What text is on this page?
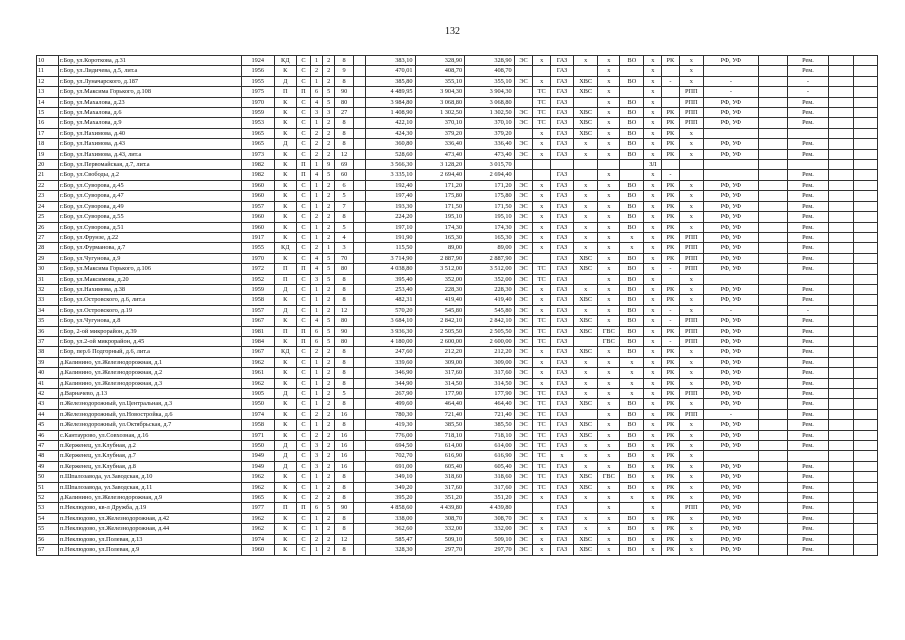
132
10	г.Бор, ул.Короткова, д.31	1924	КД	С	1	2	8		383,10	328,90	328,90	ЭС	х	ГАЗ	х	х	ВО	х	РК	х	РФ, УФ		Рем.		
11	г.Бор, ул.Лидичева, д.5, лит.а	1956	К	С	2	2	9		470,01	408,70	408,70			ГАЗ		х		х		х			Рем.		
12	г.Бор, ул.Луначарского, д.187	1955	Д	С	1	2	8		385,80	355,10	355,10	ЭС	х	ГАЗ	ХВС	х	ВО	х	-	х	-		-		
13	г.Бор, ул.Максима Горького, д.108	1975	П	П	6	5	90		4 489,95	3 904,30	3 904,30		ТС	ГАЗ	ХВС	х		х		РПП	-		-		
14	г.Бор, ул.Махалова, д.23	1970	К	С	4	5	80		3 984,80	3 068,80	3 068,80		ТС	ГАЗ		х	ВО	х		РПП	РФ, УФ		Рем.		
15	г.Бор, ул.Махалова, д.6	1959	К	С	3	3	27		1 408,90	1 302,50	1 302,50	ЭС	ТС	ГАЗ	ХВС	х	ВО	х	РК	РПП	РФ, УФ		Рем.		
16	г.Бор, ул.Махалова, д.9	1953	К	С	1	2	8		422,10	370,10	370,10	ЭС	ТС	ГАЗ	ХВС	х	ВО	х	РК	РПП	РФ, УФ		Рем.		
17	г.Бор, ул.Нахимова, д.40	1965	К	С	2	2	8		424,30	379,20	379,20		х	ГАЗ	ХВС	х	ВО	х	РК	х					
18	г.Бор, ул.Нахимова, д.43	1965	Д	С	2	2	8		360,80	336,40	336,40	ЭС	х	ГАЗ	х	х	ВО	х	РК	х	РФ, УФ		Рем.		
19	г.Бор, ул.Нахимова, д.43, лит.а	1973	К	С	2	2	12		528,60	473,40	473,40	ЭС	х	ГАЗ	х	х	ВО	х	РК	х	РФ, УФ		Рем.		
20	г.Бор, ул.Первомайская, д.7, лит.а	1982	К	П	1	9	69		3 566,30	3 128,20	3 015,70							ЗЛ							
21	г.Бор, ул.Свободы, д.2	1982	К	П	4	5	60		3 335,10	2 694,40	2 694,40			ГАЗ		х		х	-				Рем.		
22	г.Бор, ул.Суворова, д.45	1960	К	С	1	2	6		192,40	171,20	171,20	ЭС	х	ГАЗ	х	х	ВО	х	РК	х	РФ, УФ		Рем.		
23	г.Бор, ул.Суворова, д.47	1960	К	С	1	2	5		197,40	175,80	175,80	ЭС	х	ГАЗ	х	х	ВО	х	РК	х	РФ, УФ		Рем.		
24	г.Бор, ул.Суворова, д.49	1957	К	С	1	2	7		193,30	171,50	171,50	ЭС	х	ГАЗ	х	х	ВО	х	РК	х	РФ, УФ		Рем.		
25	г.Бор, ул.Суворова, д.55	1960	К	С	2	2	8		224,20	195,10	195,10	ЭС	х	ГАЗ	х	х	ВО	х	РК	х	РФ, УФ		Рем.		
26	г.Бор, ул.Суворова, д.51	1960	К	С	1	2	5		197,10	174,30	174,30	ЭС	х	ГАЗ	х	х	ВО	х	РК	х	РФ, УФ		Рем.		
27	г.Бор, ул.Фрунзе, д.22	1917	К	С	1	2	4		191,90	165,30	165,30	ЭС	х	ГАЗ	х	х	х	х	РК	РПП	РФ, УФ		Рем.		
28	г.Бор, ул.Фурманова, д.7	1955	КД	С	2	1	3		115,50	89,00	89,00	ЭС	х	ГАЗ	х	х	х	х	РК	РПП	РФ, УФ		Рем.		
29	г.Бор, ул.Чугунова, д.9	1970	К	С	4	5	70		3 714,90	2 887,90	2 887,90	ЭС		ГАЗ	ХВС	х	ВО	х	РК	РПП	РФ, УФ		Рем.		
30	г.Бор, ул.Максима Горького, д.106	1972	П	П	4	5	80		4 038,80	3 512,00	3 512,00	ЭС	ТС	ГАЗ	ХВС	х	ВО	х	-	РПП	РФ, УФ		Рем.		
31	г.Бор, ул.Максимова, д.20	1952	П	С	3	5	8		395,40	352,00	352,00	ЭС	ТС	ГАЗ		х	ВО	х		х					
32	г.Бор, ул.Нахимова, д.38	1959	Д	С	1	2	8		253,40	228,30	228,30	ЭС	х	ГАЗ	х	х	ВО	х	РК	х	РФ, УФ		Рем.		
33	г.Бор, ул.Островского, д.6, лит.а	1958	К	С	1	2	8		482,31	419,40	419,40	ЭС	х	ГАЗ	ХВС	х	ВО	х	РК	х	РФ, УФ		Рем.		
34	г.Бор, ул.Островского, д.19	1957	Д	С	1	2	12		570,20	545,80	545,80	ЭС	х	ГАЗ	х	х	ВО	х	-	х	-		-		
35	г.Бор, ул.Чугунова, д.8	1967	К	С	4	5	80		3 684,10	2 842,10	2 842,10	ЭС	ТС	ГАЗ	ХВС	х	ВО	х	-	РПП	РФ, УФ		Рем.		
36	г.Бор, 2-ой микрорайон, д.39	1981	П	П	6	5	90		3 936,30	2 505,50	2 505,50	ЭС	ТС	ГАЗ	ХВС	ГВС	ВО	х	РК	РПП	РФ, УФ		Рем.		
37	г.Бор, ул.2-ой микрорайон, д.45	1984	К	П	6	5	80		4 180,00	2 600,00	2 600,00	ЭС	ТС	ГАЗ		ГВС	ВО	х	-	РПП	РФ, УФ		Рем.		
38	г.Бор, пер.6 Подгорный, д.6, лит.а	1967	КД	С	2	2	8		247,60	212,20	212,20	ЭС	х	ГАЗ	ХВС	х	ВО	х	РК	х	РФ, УФ		Рем.		
39	д.Калинино, ул.Железнодорожная, д.1	1962	К	С	1	2	8		339,60	309,00	309,00	ЭС	х	ГАЗ	х	х	х	х	РК	х	РФ, УФ		Рем.		
40	д.Калинино, ул.Железнодорожная, д.2	1961	К	С	1	2	8		346,90	317,60	317,60	ЭС	х	ГАЗ	х	х	х	х	РК	х	РФ, УФ		Рем.		
41	д.Калинино, ул.Железнодорожная, д.3	1962	К	С	1	2	8		344,90	314,50	314,50	ЭС	х	ГАЗ	х	х	х	х	РК	х	РФ, УФ		Рем.		
42	д.Варначево, д.13	1905	Д	С	1	2	5		267,90	177,90	177,90	ЭС	ТС	ГАЗ	х	х	х	х	РК	РПП	РФ, УФ		Рем.		
43	п.Железнодорожный, ул.Центральная, д.3	1950	К	С	1	2	8		499,60	464,40	464,40	ЭС	ТС	ГАЗ	ХВС	х	ВО	х	РК	х	РФ, УФ		Рем.		
44	п.Железнодорожный, ул.Новостройка, д.6	1974	К	С	2	2	16		780,30	721,40	721,40	ЭС	ТС	ГАЗ		х	ВО	х	РК	РПП	-		Рем.		
45	п.Железнодорожный, ул.Октябрьская, д.7	1958	К	С	1	2	8		419,30	385,50	385,50	ЭС	ТС	ГАЗ	ХВС	х	ВО	х	РК	х	РФ, УФ		Рем.		
46	с.Кантаурово, ул.Совхозная, д.16	1971	К	С	2	2	16		776,00	718,10	718,10	ЭС	ТС	ГАЗ	ХВС	х	ВО	х	РК	х	РФ, УФ		Рем.		
47	п.Керженец, ул.Клубная, д.2	1950	Д	С	3	2	16		694,50	614,00	614,00	ЭС	ТС	ГАЗ	х	х	ВО	х	РК	х	РФ, УФ		Рем.		
48	п.Керженец, ул.Клубная, д.7	1949	Д	С	3	2	16		702,70	616,90	616,90	ЭС	ТС	х	х	х	ВО	х	РК	х					
49	п.Керженец, ул.Клубная, д.8	1949	Д	С	3	2	16		691,00	605,40	605,40	ЭС	ТС	ГАЗ	х	х	ВО	х	РК	х	РФ, УФ		Рем.		
50	п.Шпалозавода, ул.Заводская, д.10	1962	К	С	1	2	8		349,10	318,60	318,60	ЭС	ТС	ГАЗ	ХВС	ГВС	ВО	х	РК	х	РФ, УФ		Рем.		
51	п.Шпалозавода, ул.Заводская, д.11	1962	К	С	1	2	8		349,20	317,60	317,60	ЭС	ТС	ГАЗ	ХВС	х	ВО	х	РК	х	РФ, УФ		Рем.		
52	д.Калинино, ул.Железнодорожная, д.9	1965	К	С	2	2	8		395,20	351,20	351,20	ЭС	х	ГАЗ	х	х	х	х	РК	х	РФ, УФ		Рем.		
53	п.Неклюдово, кв-л Дружба, д.19	1977	П	П	6	5	90		4 858,60	4 439,80	4 439,80			ГАЗ		х		х		РПП	РФ, УФ		Рем.		
54	п.Неклюдово, ул.Железнодорожная, д.42	1962	К	С	1	2	8		338,00	308,70	308,70	ЭС	х	ГАЗ	х	х	ВО	х	РК	х	РФ, УФ		Рем.		
55	п.Неклюдово, ул.Железнодорожная, д.44	1962	К	С	1	2	8		362,60	332,00	332,00	ЭС	х	ГАЗ	х	х	ВО	х	РК	х	РФ, УФ		Рем.		
56	п.Неклюдово, ул.Полевая, д.13	1974	К	С	2	2	12		585,47	509,10	509,10	ЭС	х	ГАЗ	ХВС	х	ВО	х	РК	х	РФ, УФ		Рем.		
57	п.Неклюдово, ул.Полевая, д.9	1960	К	С	1	2	8		328,30	297,70	297,70	ЭС	х	ГАЗ	ХВС	х	ВО	х	РК	х	РФ, УФ		Рем.		
